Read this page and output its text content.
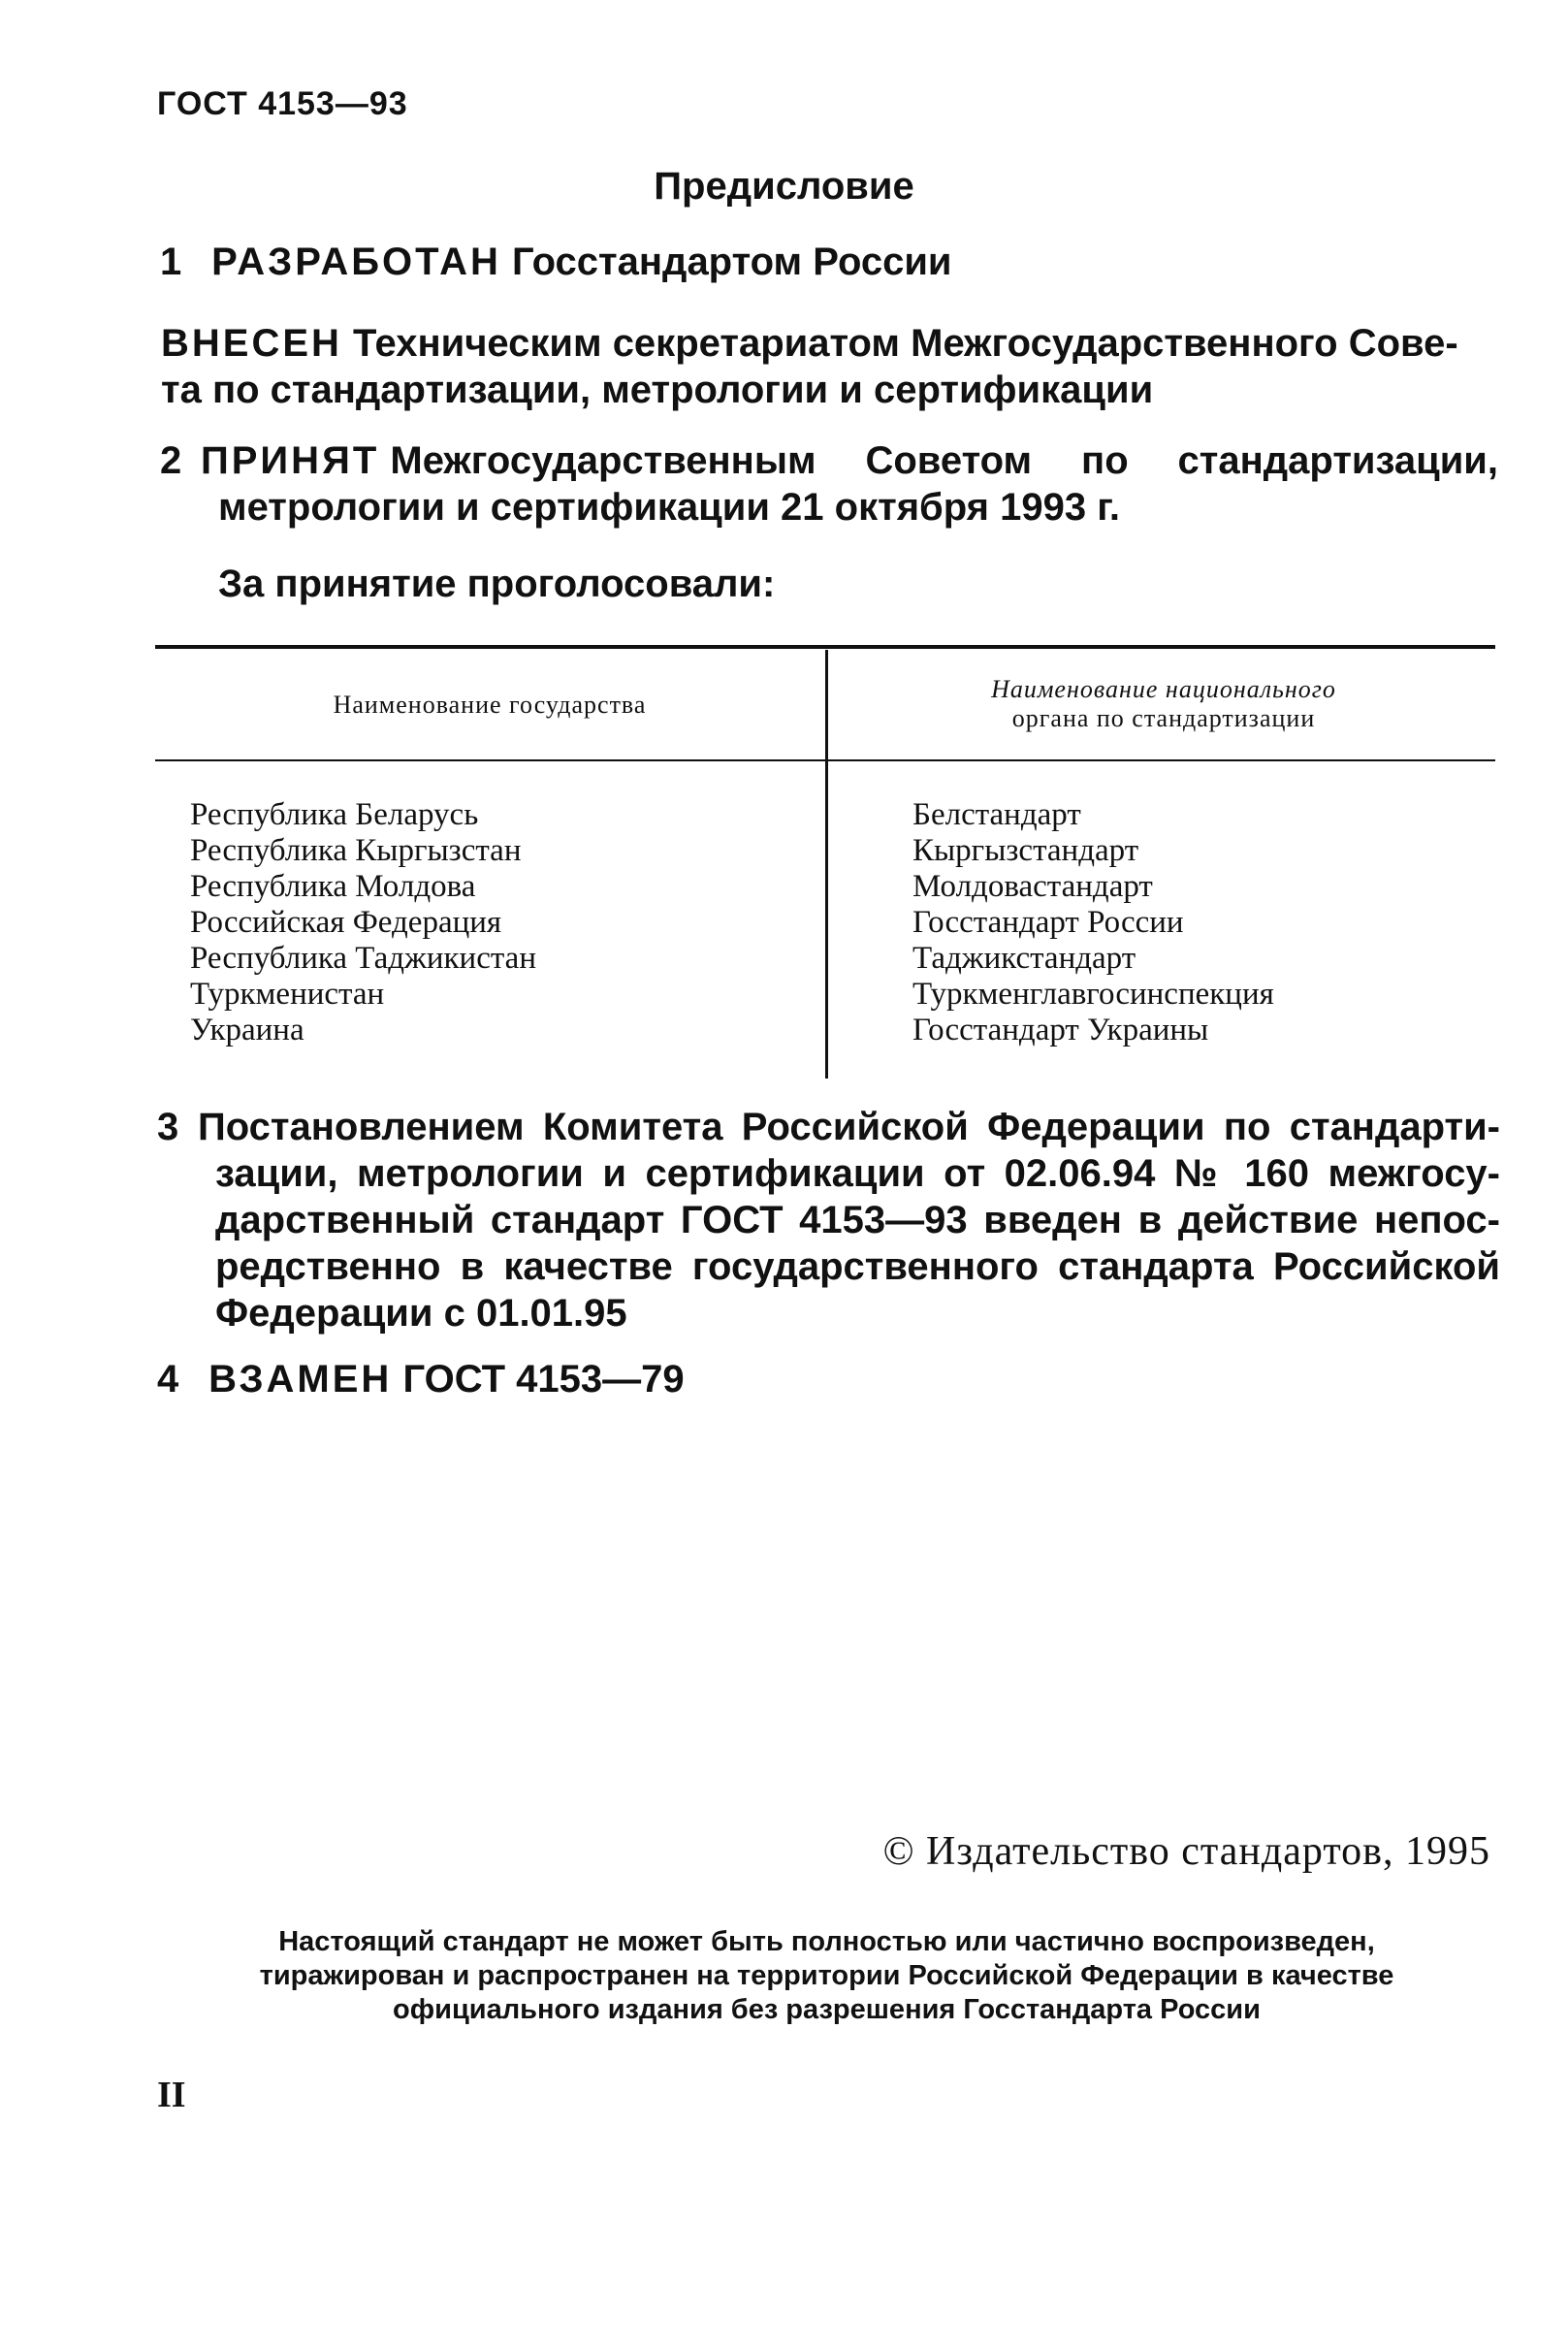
ГОСТ 4153—93

Предисловие

1 РАЗРАБОТАН Госстандартом России

ВНЕСЕН Техническим секретариатом Межгосударственного Сове-
та по стандартизации, метрологии и сертификации

2 ПРИНЯТ Межгосударственным Советом по стандартизации,
метрологии и сертификации 21 октября 1993 г.

За принятие проголосовали:

Наименование государства

Наименование национального
органа по стандартизации

Республика Беларусь
Республика Кыргызстан
Республика Молдова
Российская Федерация
Республика Таджикистан
Туркменистан
Украина
Белстандарт
Кыргызстандарт
Молдовастандарт
Госстандарт России
Таджикстандарт
Туркменглавгосинспекция
Госстандарт Украины
3 Постановлением Комитета Российской Федерации по стандарти-
зации, метрологии и сертификации от 02.06.94 № 160 межгосу-
дарственный стандарт ГОСТ 4153—93 введен в действие непос-
редственно в качестве государственного стандарта Российской
Федерации с 01.01.95

4 ВЗАМЕН ГОСТ 4153—79

© Издательство стандартов, 1995

Настоящий стандарт не может быть полностью или частично воспроизведен,
тиражирован и распространен на территории Российской Федерации в качестве
официального издания без разрешения Госстандарта России

II
